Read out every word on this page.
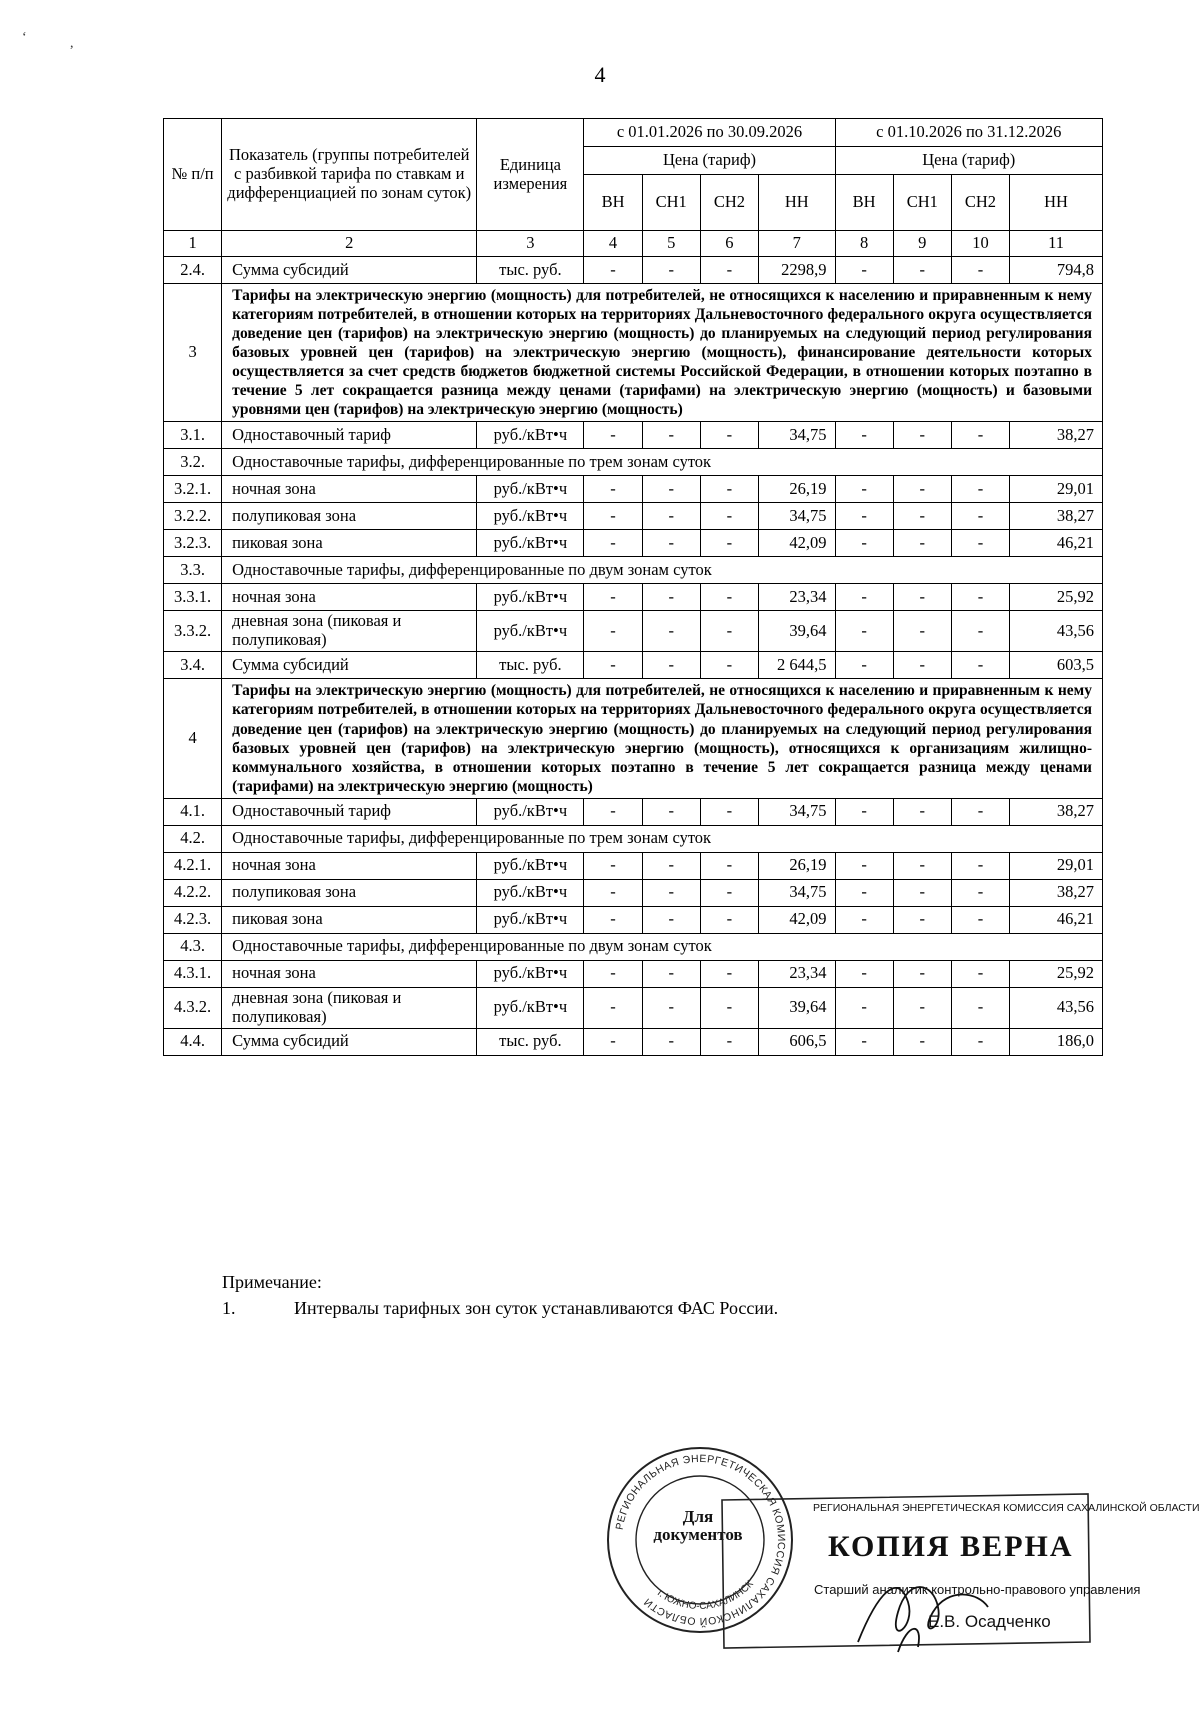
4
‘	,
№ п/п	Показатель (группы потребителей с разбивкой тарифа по ставкам и дифференциацией по зонам суток)	Единица измерения	с 01.01.2026 по 30.09.2026				с 01.10.2026 по 31.12.2026			
			Цена (тариф)				Цена (тариф)			
			ВН	СН1	СН2	НН	ВН	СН1	СН2	НН
1	2	3	4	5	6	7	8	9	10	11
2.4.	Сумма субсидий	тыс. руб.	-	-	-	2298,9	-	-	-	794,8
3	Тарифы на электрическую энергию (мощность) для потребителей, не относящихся к населению и приравненным к нему категориям потребителей, в отношении которых на территориях Дальневосточного федерального округа осуществляется доведение цен (тарифов) на электрическую энергию (мощность) до планируемых на следующий период регулирования базовых уровней цен (тарифов) на электрическую энергию (мощность), финансирование деятельности которых осуществляется за счет средств бюджетов бюджетной системы Российской Федерации, в отношении которых поэтапно в течение 5 лет сокращается разница между ценами (тарифами) на электрическую энергию (мощность) и базовыми уровнями цен (тарифов) на электрическую энергию (мощность)									
3.1.	Одноставочный тариф	руб./кВт•ч	-	-	-	34,75	-	-	-	38,27
3.2.	Одноставочные тарифы, дифференцированные по трем зонам суток									
3.2.1.	ночная зона	руб./кВт•ч	-	-	-	26,19	-	-	-	29,01
3.2.2.	полупиковая зона	руб./кВт•ч	-	-	-	34,75	-	-	-	38,27
3.2.3.	пиковая зона	руб./кВт•ч	-	-	-	42,09	-	-	-	46,21
3.3.	Одноставочные тарифы, дифференцированные по двум зонам суток									
3.3.1.	ночная зона	руб./кВт•ч	-	-	-	23,34	-	-	-	25,92
3.3.2.	дневная зона (пиковая и полупиковая)	руб./кВт•ч	-	-	-	39,64	-	-	-	43,56
3.4.	Сумма субсидий	тыс. руб.	-	-	-	2 644,5	-	-	-	603,5
4	Тарифы на электрическую энергию (мощность) для потребителей, не относящихся к населению и приравненным к нему категориям потребителей, в отношении которых на территориях Дальневосточного федерального округа осуществляется доведение цен (тарифов) на электрическую энергию (мощность) до планируемых на следующий период регулирования базовых уровней цен (тарифов) на электрическую энергию (мощность), относящихся к организациям жилищно-коммунального хозяйства, в отношении которых поэтапно в течение 5 лет сокращается разница между ценами (тарифами) на электрическую энергию (мощность)									
4.1.	Одноставочный тариф	руб./кВт•ч	-	-	-	34,75	-	-	-	38,27
4.2.	Одноставочные тарифы, дифференцированные по трем зонам суток									
4.2.1.	ночная зона	руб./кВт•ч	-	-	-	26,19	-	-	-	29,01
4.2.2.	полупиковая зона	руб./кВт•ч	-	-	-	34,75	-	-	-	38,27
4.2.3.	пиковая зона	руб./кВт•ч	-	-	-	42,09	-	-	-	46,21
4.3.	Одноставочные тарифы, дифференцированные по двум зонам суток									
4.3.1.	ночная зона	руб./кВт•ч	-	-	-	23,34	-	-	-	25,92
4.3.2.	дневная зона (пиковая и полупиковая)	руб./кВт•ч	-	-	-	39,64	-	-	-	43,56
4.4.	Сумма субсидий	тыс. руб.	-	-	-	606,5	-	-	-	186,0
Примечание:
1.	Интервалы тарифных зон суток устанавливаются ФАС России.
РЕГИОНАЛЬНАЯ ЭНЕРГЕТИЧЕСКАЯ КОМИССИЯ САХАЛИНСКОЙ ОБЛАСТИ
г. ЮЖНО-САХАЛИНСК
Для документов
РЕГИОНАЛЬНАЯ ЭНЕРГЕТИЧЕСКАЯ КОМИССИЯ САХАЛИНСКОЙ ОБЛАСТИ
КОПИЯ ВЕРНА
Старший аналитик контрольно-правового управления
Е.В. Осадченко
